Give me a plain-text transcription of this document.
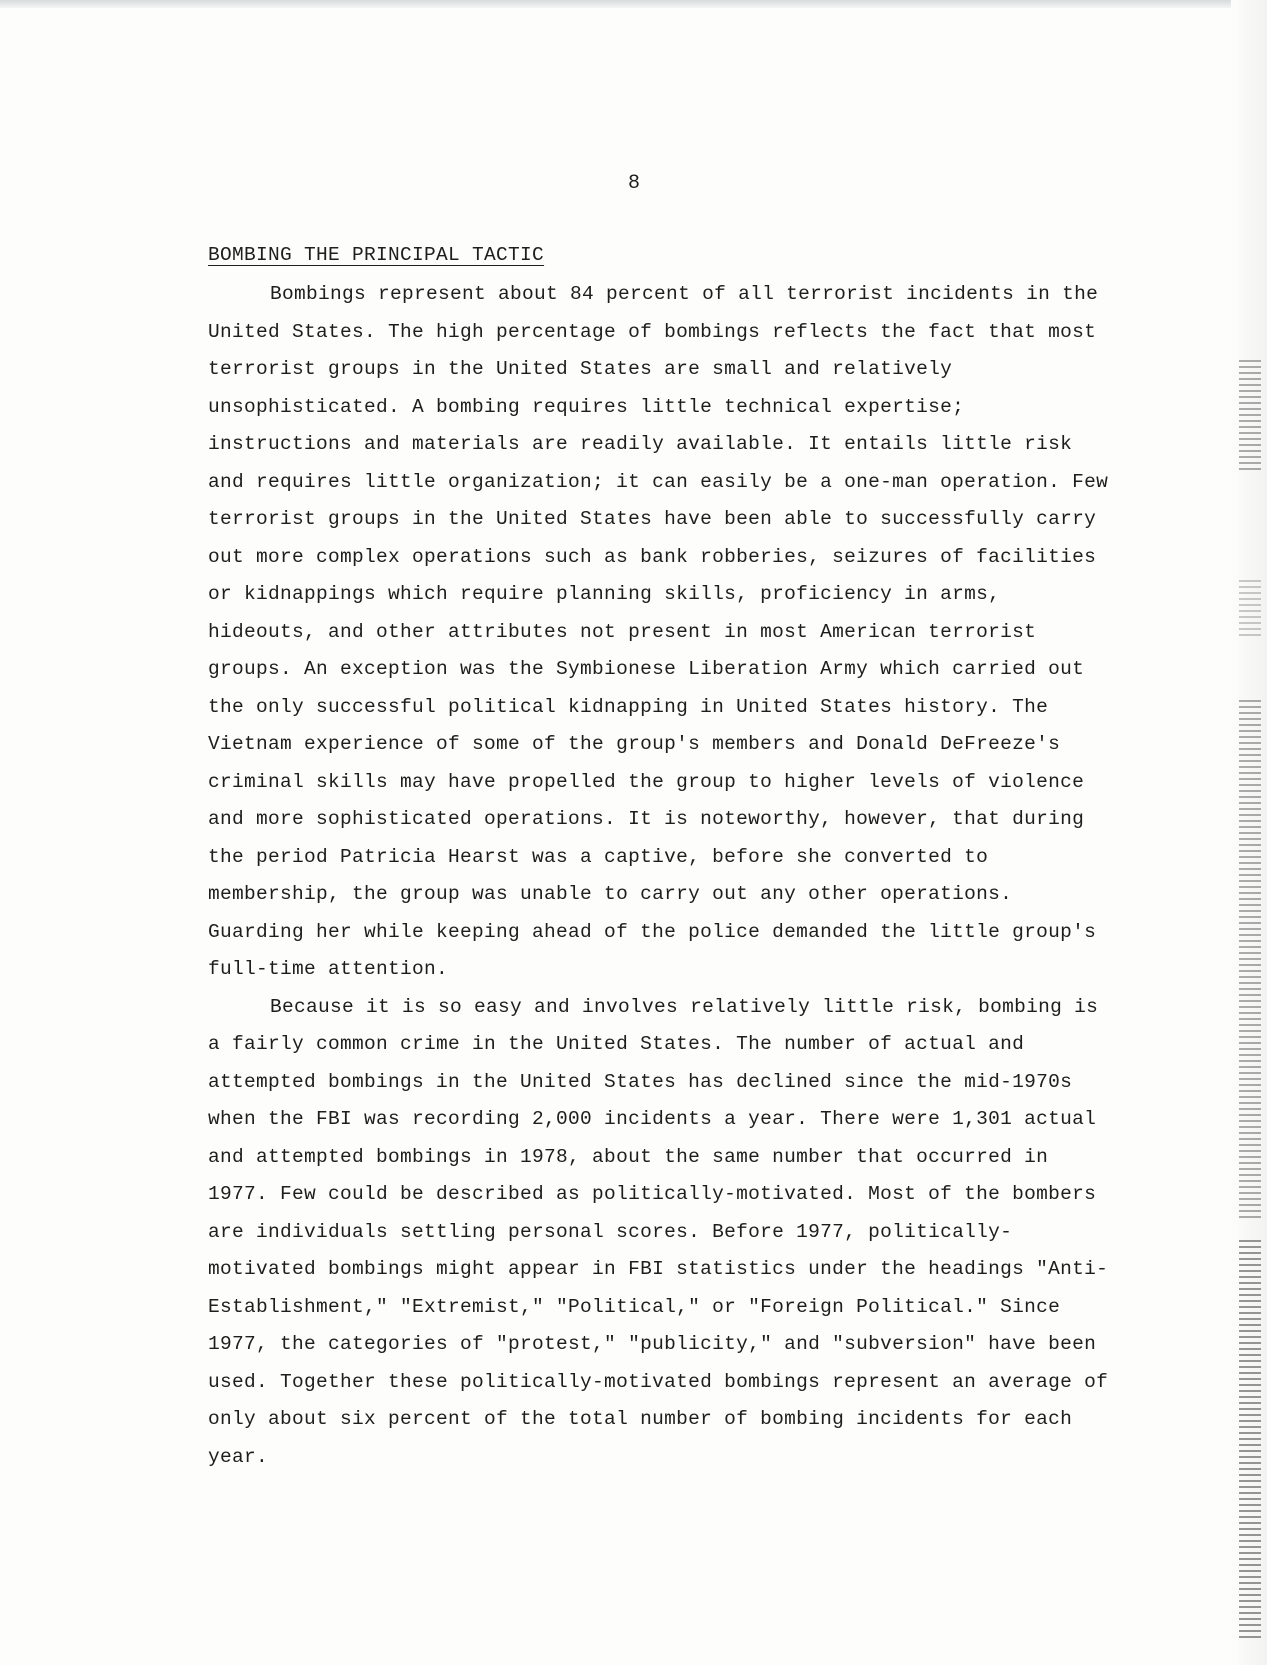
8

BOMBING THE PRINCIPAL TACTIC

Bombings represent about 84 percent of all terrorist incidents in the United States. The high percentage of bombings reflects the fact that most terrorist groups in the United States are small and relatively unsophisticated. A bombing requires little technical expertise; instructions and materials are readily available. It entails little risk and requires little organization; it can easily be a one-man operation. Few terrorist groups in the United States have been able to successfully carry out more complex operations such as bank robberies, seizures of facilities or kidnappings which require planning skills, proficiency in arms, hideouts, and other attributes not present in most American terrorist groups. An exception was the Symbionese Liberation Army which carried out the only successful political kidnapping in United States history. The Vietnam experience of some of the group's members and Donald DeFreeze's criminal skills may have propelled the group to higher levels of violence and more sophisticated operations. It is noteworthy, however, that during the period Patricia Hearst was a captive, before she converted to membership, the group was unable to carry out any other operations. Guarding her while keeping ahead of the police demanded the little group's full-time attention.

Because it is so easy and involves relatively little risk, bombing is a fairly common crime in the United States. The number of actual and attempted bombings in the United States has declined since the mid-1970s when the FBI was recording 2,000 incidents a year. There were 1,301 actual and attempted bombings in 1978, about the same number that occurred in 1977. Few could be described as politically-motivated. Most of the bombers are individuals settling personal scores. Before 1977, politically-motivated bombings might appear in FBI statistics under the headings "Anti-Establishment," "Extremist," "Political," or "Foreign Political." Since 1977, the categories of "protest," "publicity," and "subversion" have been used. Together these politically-motivated bombings represent an average of only about six percent of the total number of bombing incidents for each year.
